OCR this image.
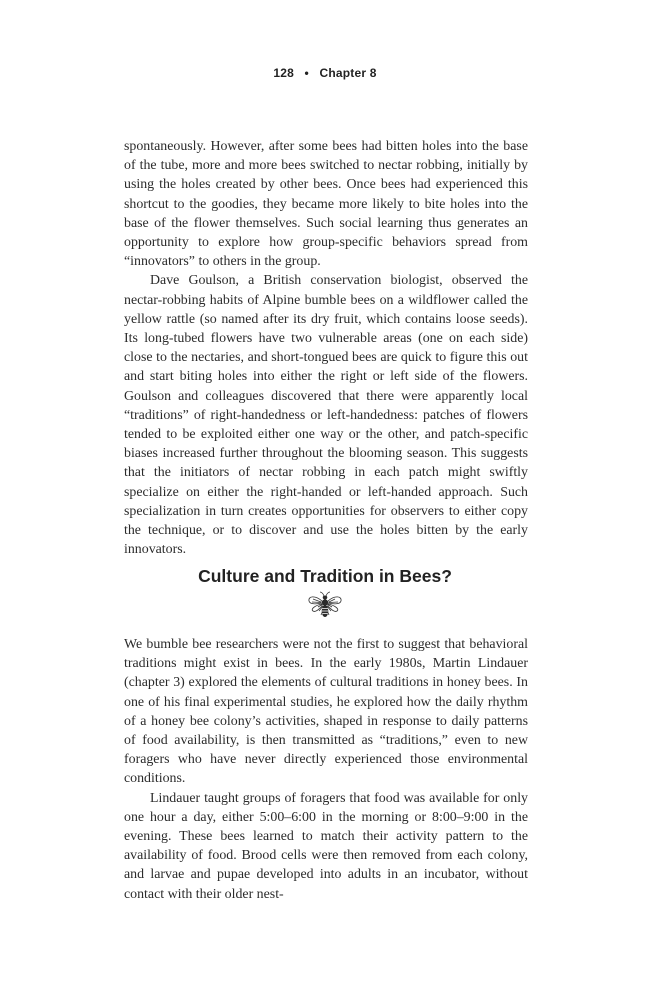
128 • Chapter 8

spontaneously. However, after some bees had bitten holes into the base of the tube, more and more bees switched to nectar robbing, initially by using the holes created by other bees. Once bees had experienced this shortcut to the goodies, they became more likely to bite holes into the base of the flower themselves. Such social learning thus generates an opportunity to explore how group-specific behaviors spread from “innovators” to others in the group.

Dave Goulson, a British conservation biologist, observed the nectar-robbing habits of Alpine bumble bees on a wildflower called the yellow rattle (so named after its dry fruit, which contains loose seeds). Its long-tubed flowers have two vulnerable areas (one on each side) close to the nectaries, and short-tongued bees are quick to figure this out and start biting holes into either the right or left side of the flowers. Goulson and colleagues discovered that there were apparently local “traditions” of right-handedness or left-handedness: patches of flowers tended to be exploited either one way or the other, and patch-specific biases increased further throughout the blooming season. This suggests that the initiators of nectar robbing in each patch might swiftly specialize on either the right-handed or left-handed approach. Such specialization in turn creates opportunities for observers to either copy the technique, or to discover and use the holes bitten by the early innovators.

Culture and Tradition in Bees?

We bumble bee researchers were not the first to suggest that behavioral traditions might exist in bees. In the early 1980s, Martin Lindauer (chapter 3) explored the elements of cultural traditions in honey bees. In one of his final experimental studies, he explored how the daily rhythm of a honey bee colony’s activities, shaped in response to daily patterns of food availability, is then transmitted as “traditions,” even to new foragers who have never directly experienced those environmental conditions.

Lindauer taught groups of foragers that food was available for only one hour a day, either 5:00–6:00 in the morning or 8:00–9:00 in the evening. These bees learned to match their activity pattern to the availability of food. Brood cells were then removed from each colony, and larvae and pupae developed into adults in an incubator, without contact with their older nest-
